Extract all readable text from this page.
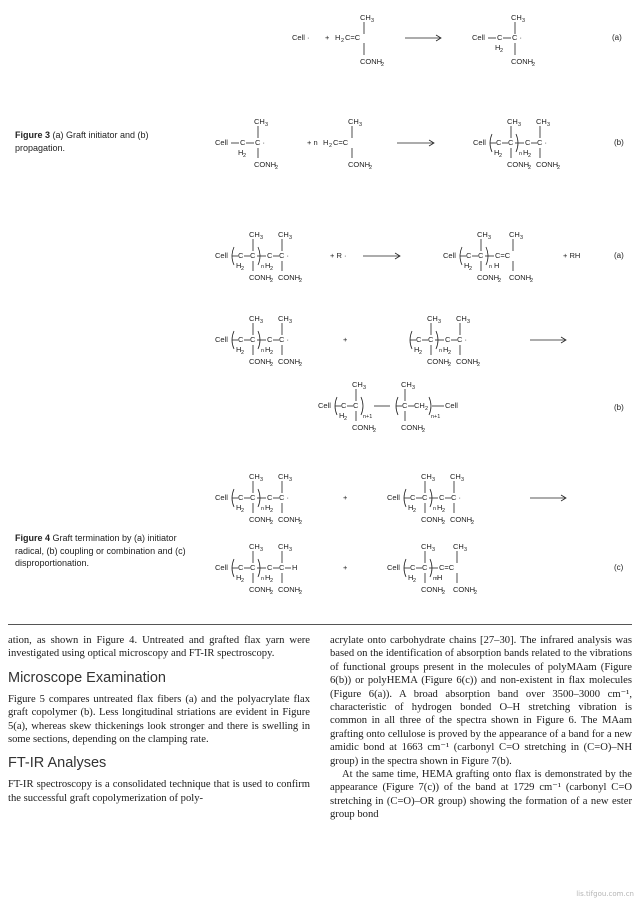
Cell · + H 2 C=C
CH 3
CONH
2
Cell C C ·
H 2
CH 3
CONH
2
(a)
Figure 3 (a) Graft initiator and (b) propagation.	Cell C C ·
H 2
CH 3
CONH
2
+ n H 2 C=C
CH 3
CONH
2
Cell C C
H 2
CH 3
CONH
2
n
C C ·
H 2
CH 3
CONH
2
(b)
Cell C C
H 2
CH 3
CONH
2
n
C C ·
H 2
CH 3
CONH
2
+ R ·	Cell C C
H 2
CH 3
CONH
2
n
C=C
H
CH 3
CONH
2
+ RH	(a)
Cell C C
H 2
CH 3
CONH
2
n
C C ·
H 2
CH 3
CONH
2
+	C C
H 2
CH 3
CONH
2
n
C C ·
H 2
CH 3
CONH
2
Cell C C
H 2
CH 3
CONH
2
n+1
C CH 2
CH 3
CONH
2
n+1
Cell	(b)
Figure 4 Graft termination by (a) initiator radical, (b) coupling or combination and (c) disproportionation.
Cell C C
H 2
CH 3
CONH
2
n
C C ·
H 2
CH 3
CONH
2
+	Cell C C
H 2
CH 3
CONH
2
n
C C ·
H 2
CH 3
CONH
2
Cell C C
H 2
CH 3
CONH
2
n
C C H
H 2
CH 3
CONH
2
+	Cell C C
H 2
CH 3
CONH
2
m
C=C
H
CH 3
CONH
2
(c)

ation, as shown in Figure 4. Untreated and grafted flax yarn were investigated using optical microscopy and FT-IR spectroscopy.

Microscope Examination

Figure 5 compares untreated flax fibers (a) and the polyacrylate flax graft copolymer (b). Less longitudinal striations are evident in Figure 5(a), whereas skew thickenings look stronger and there is swelling in some sections, depending on the clamping rate.

FT-IR Analyses

FT-IR spectroscopy is a consolidated technique that is used to confirm the successful graft copolymerization of poly-

acrylate onto carbohydrate chains [27–30]. The infrared analysis was based on the identification of absorption bands related to the vibrations of functional groups present in the molecules of polyMAam (Figure 6(b)) or polyHEMA (Figure 6(c)) and non-existent in flax molecules (Figure 6(a)). A broad absorption band over 3500–3000 cm⁻¹, characteristic of hydrogen bonded O–H stretching vibration is common in all three of the spectra shown in Figure 6. The MAam grafting onto cellulose is proved by the appearance of a band for a new amidic bond at 1663 cm⁻¹ (carbonyl C=O stretching in (C=O)–NH group) in the spectra shown in Figure 7(b).

At the same time, HEMA grafting onto flax is demonstrated by the appearance (Figure 7(c)) of the band at 1729 cm⁻¹ (carbonyl C=O stretching in (C=O)–OR group) showing the formation of a new ester group bond

lis.tifgou.com.cn
